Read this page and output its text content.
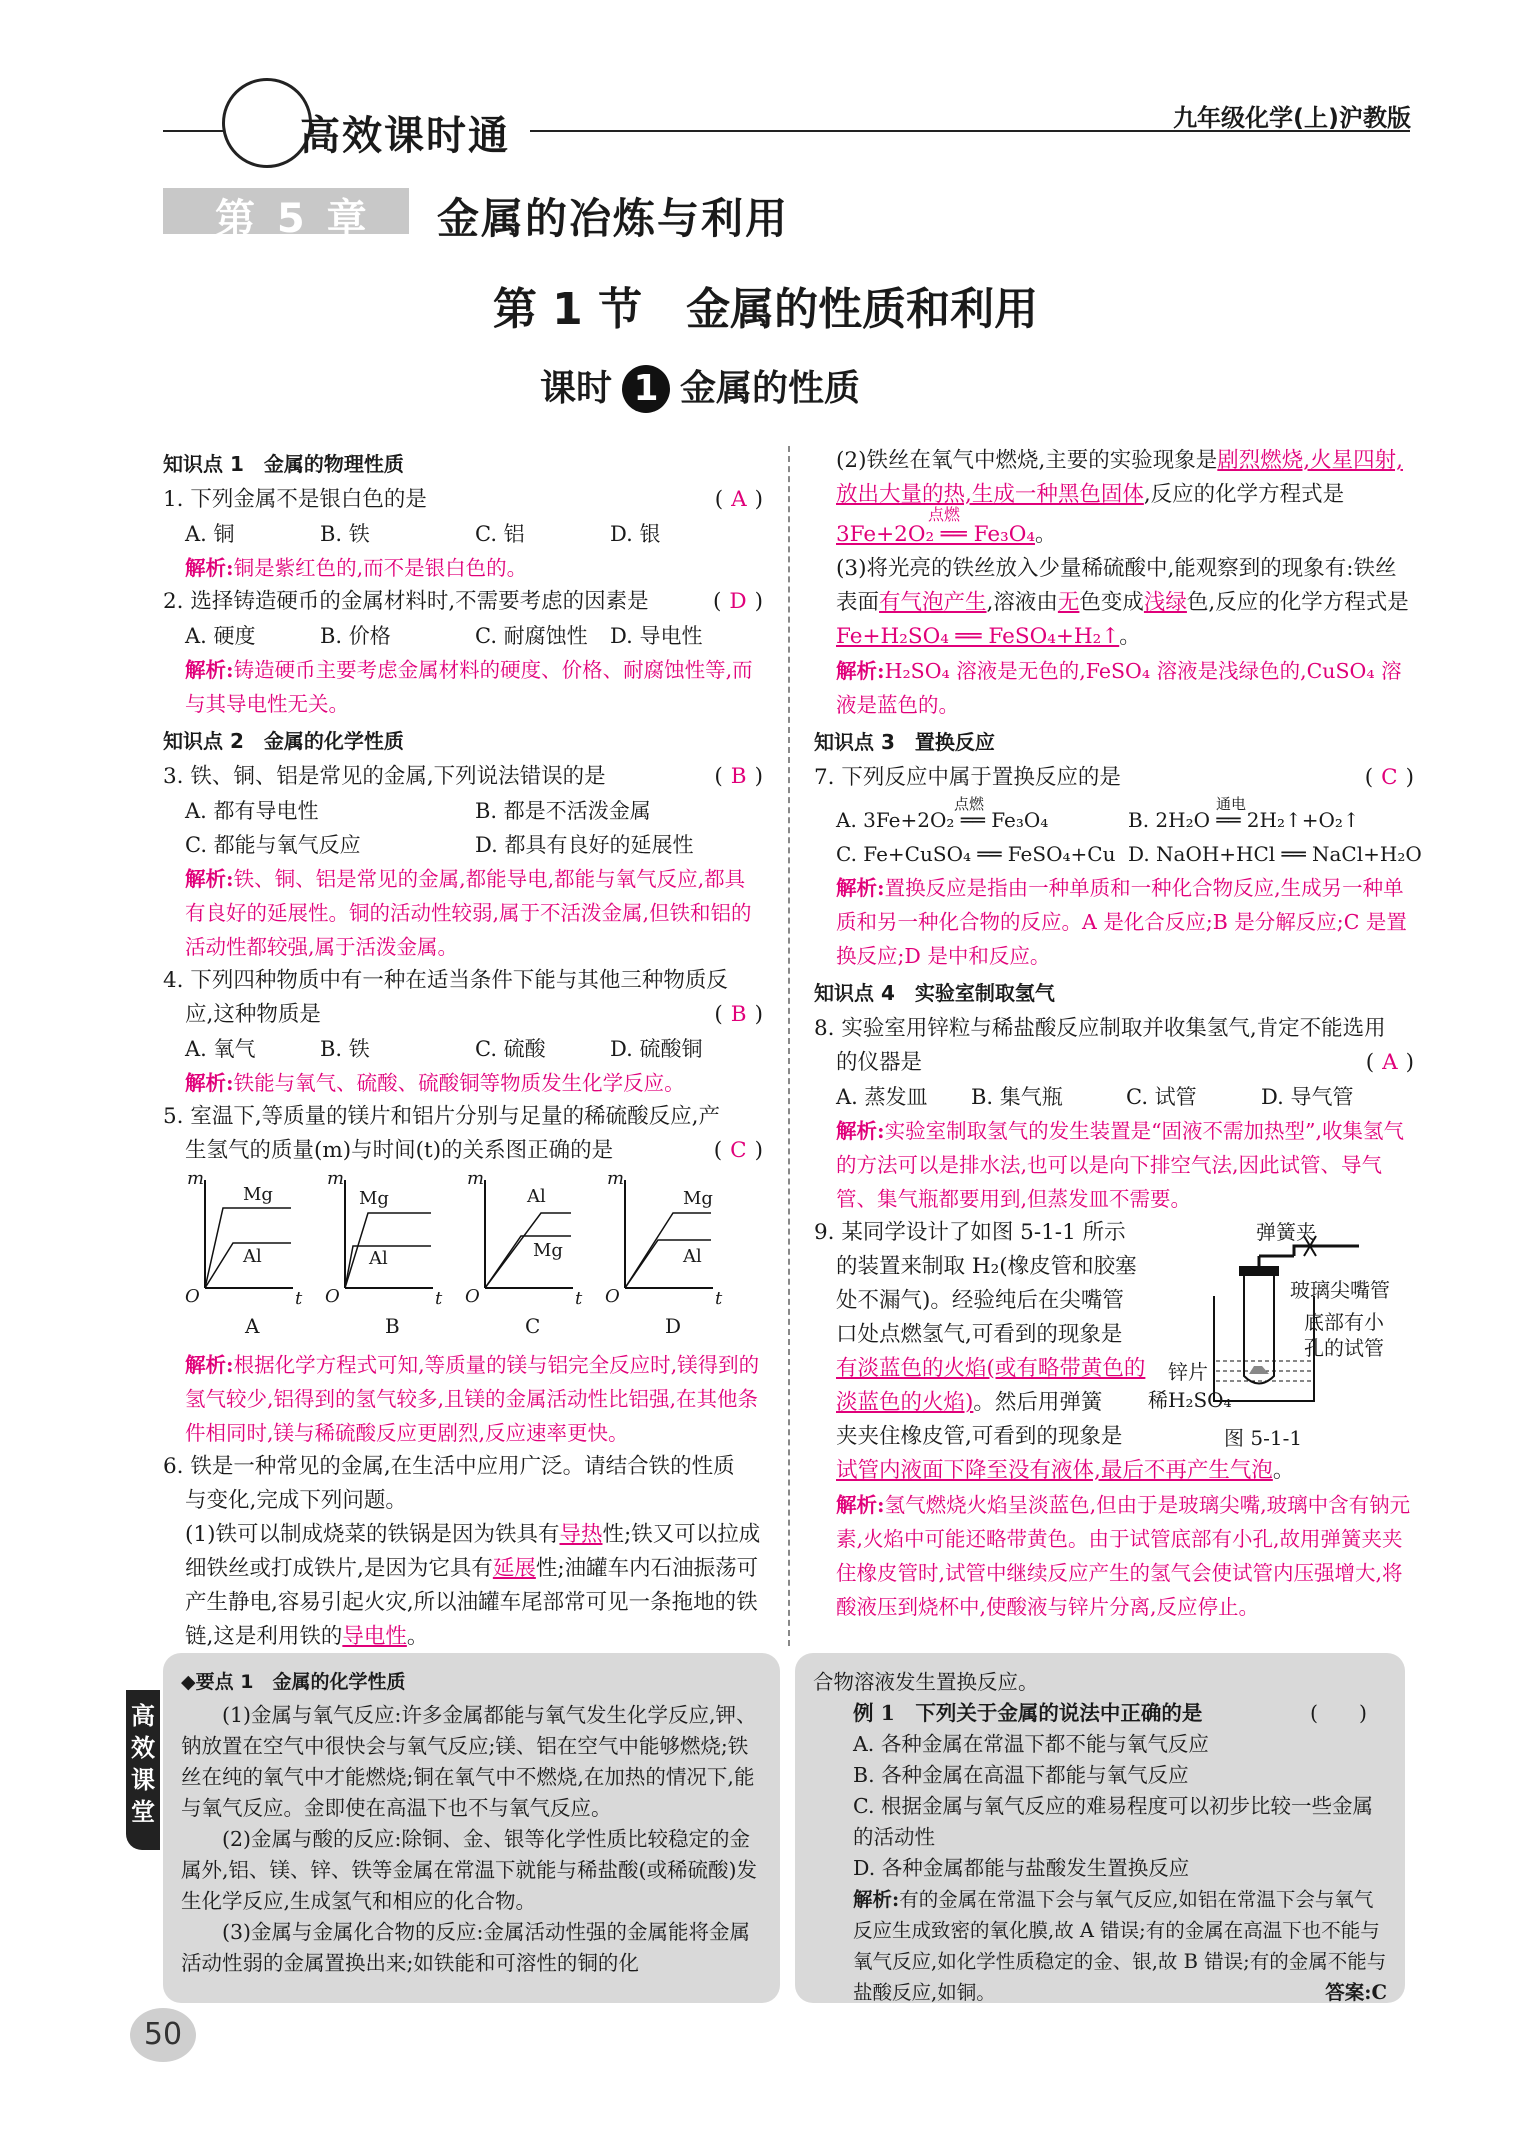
高效课时通	九年级化学(上)沪教版
第 5 章 金属的冶炼与利用
第 1 节　金属的性质和利用
课时 1 金属的性质
知识点 1　金属的物理性质
1. 下列金属不是银白色的是	( A )
A. 铜	B. 铁	C. 铝	D. 银
解析:铜是紫红色的,而不是银白色的。
2. 选择铸造硬币的金属材料时,不需要考虑的因素是	( D )
A. 硬度	B. 价格	C. 耐腐蚀性 D. 导电性
解析:铸造硬币主要考虑金属材料的硬度、价格、耐腐蚀性等,而与其导电性无关。
知识点 2　金属的化学性质
3. 铁、铜、铝是常见的金属,下列说法错误的是	( B )
A. 都有导电性	B. 都是不活泼金属
C. 都能与氧气反应	D. 都具有良好的延展性
解析:铁、铜、铝是常见的金属,都能导电,都能与氧气反应,都具有良好的延展性。铜的活动性较弱,属于不活泼金属,但铁和铝的活动性都较强,属于活泼金属。
4. 下列四种物质中有一种在适当条件下能与其他三种物质反
应,这种物质是	( B )
A. 氧气	B. 铁	C. 硫酸	D. 硫酸铜
解析:铁能与氧气、硫酸、硫酸铜等物质发生化学反应。
5. 室温下,等质量的镁片和铝片分别与足量的稀硫酸反应,产
生氢气的质量(m)与时间(t)的关系图正确的是	( C )
m
O	t
Mg
Al
A
m
O	t
Mg
Al
B
m
O	t
Al
Mg
C
m
O	t
Mg
Al
D
解析:根据化学方程式可知,等质量的镁与铝完全反应时,镁得到的氢气较少,铝得到的氢气较多,且镁的金属活动性比铝强,在其他条件相同时,镁与稀硫酸反应更剧烈,反应速率更快。
6. 铁是一种常见的金属,在生活中应用广泛。请结合铁的性质
与变化,完成下列问题。
(1)铁可以制成烧菜的铁锅是因为铁具有导热性;铁又可以拉成细铁丝或打成铁片,是因为它具有延展性;油罐车内石油振荡可产生静电,容易引起火灾,所以油罐车尾部常可见一条拖地的铁链,这是利用铁的导电性。
(2)铁丝在氧气中燃烧,主要的实验现象是剧烈燃烧,火星四射,放出大量的热,生成一种黑色固体,反应的化学方程式是

点燃
3Fe+2O₂ ══ Fe₃O₄。
(3)将光亮的铁丝放入少量稀硫酸中,能观察到的现象有:铁丝表面有气泡产生,溶液由无色变成浅绿色,反应的化学方程式是Fe+H₂SO₄ ══ FeSO₄+H₂↑。
解析:H₂SO₄ 溶液是无色的,FeSO₄ 溶液是浅绿色的,CuSO₄ 溶液是蓝色的。
知识点 3　置换反应
7. 下列反应中属于置换反应的是	( C )
点燃
A. 3Fe+2O₂ ══ Fe₃O₄
通电
B. 2H₂O ══ 2H₂↑+O₂↑
C. Fe+CuSO₄ ══ FeSO₄+Cu D. NaOH+HCl ══ NaCl+H₂O
解析:置换反应是指由一种单质和一种化合物反应,生成另一种单质和另一种化合物的反应。A 是化合反应;B 是分解反应;C 是置换反应;D 是中和反应。
知识点 4　实验室制取氢气
8. 实验室用锌粒与稀盐酸反应制取并收集氢气,肯定不能选用
的仪器是	( A )
A. 蒸发皿 B. 集气瓶	C. 试管	D. 导气管
解析:实验室制取氢气的发生装置是“固液不需加热型”,收集氢气的方法可以是排水法,也可以是向下排空气法,因此试管、导气管、集气瓶都要用到,但蒸发皿不需要。
9. 某同学设计了如图 5-1-1 所示
的装置来制取 H₂(橡皮管和胶塞
处不漏气)。经验纯后在尖嘴管
口处点燃氢气,可看到的现象是
有淡蓝色的火焰(或有略带黄色的淡蓝色的火焰)。然后用弹簧
夹夹住橡皮管,可看到的现象是
试管内液面下降至没有液体,最后不再产生气泡。
弹簧夹
玻璃尖嘴管
底部有小
孔的试管
锌片
稀H₂SO₄
图 5-1-1
解析:氢气燃烧火焰呈淡蓝色,但由于是玻璃尖嘴,玻璃中含有钠元素,火焰中可能还略带黄色。由于试管底部有小孔,故用弹簧夹夹住橡皮管时,试管中继续反应产生的氢气会使试管内压强增大,将酸液压到烧杯中,使酸液与锌片分离,反应停止。
◆要点 1　金属的化学性质
(1)金属与氧气反应:许多金属都能与氧气发生化学反应,钾、钠放置在空气中很快会与氧气反应;镁、铝在空气中能够燃烧;铁丝在纯的氧气中才能燃烧;铜在氧气中不燃烧,在加热的情况下,能与氧气反应。金即使在高温下也不与氧气反应。
(2)金属与酸的反应:除铜、金、银等化学性质比较稳定的金属外,铝、镁、锌、铁等金属在常温下就能与稀盐酸(或稀硫酸)发生化学反应,生成氢气和相应的化合物。
(3)金属与金属化合物的反应:金属活动性强的金属能将金属活动性弱的金属置换出来;如铁能和可溶性的铜的化
合物溶液发生置换反应。
例 1　下列关于金属的说法中正确的是	(　　)
A. 各种金属在常温下都不能与氧气反应
B. 各种金属在高温下都能与氧气反应
C. 根据金属与氧气反应的难易程度可以初步比较一些金属的活动性
D. 各种金属都能与盐酸发生置换反应
解析:有的金属在常温下会与氧气反应,如铝在常温下会与氧气反应生成致密的氧化膜,故 A 错误;有的金属在高温下也不能与氧气反应,如化学性质稳定的金、银,故 B 错误;有的金属不能与盐酸反应,如铜。	答案:C
高效课堂
50
